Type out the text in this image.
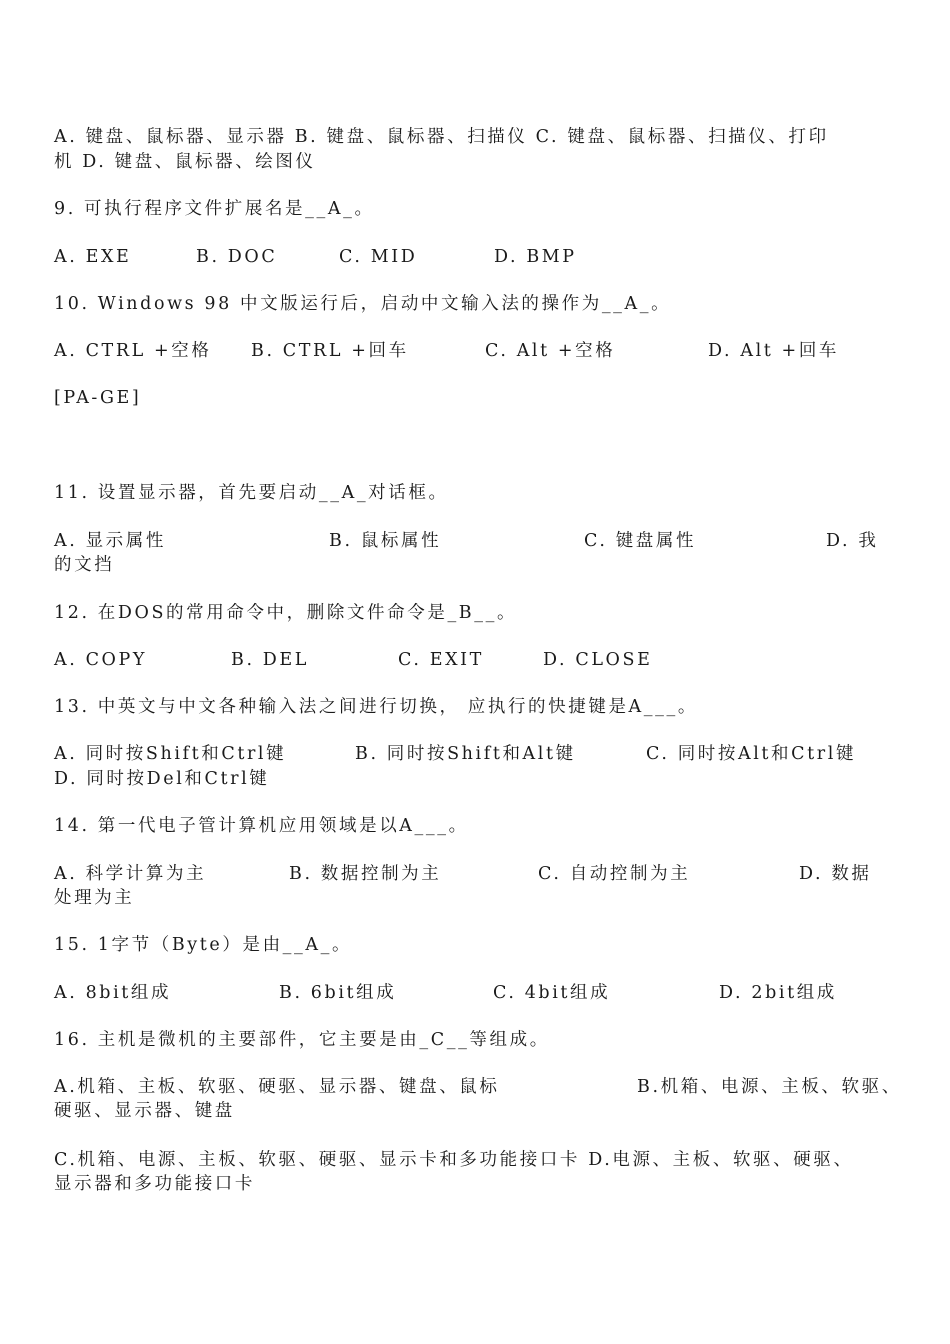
A. 键盘、鼠标器、显示器 B. 键盘、鼠标器、扫描仪 C. 键盘、鼠标器、扫描仪、打印
机 D. 键盘、鼠标器、绘图仪
9. 可执行程序文件扩展名是__A_。
A. EXE	B. DOC	C. MID	D. BMP
10. Windows 98 中文版运行后，启动中文输入法的操作为__A_。
A. CTRL +空格 B. CTRL +回车	C. Alt +空格	D. Alt +回车
[PA-GE]
11. 设置显示器，首先要启动__A_对话框。
A. 显示属性	B. 鼠标属性	C. 键盘属性	D. 我
的文挡
12. 在DOS的常用命令中，删除文件命令是_B__。
A. COPY	B. DEL	C. EXIT	D. CLOSE
13. 中英文与中文各种输入法之间进行切换， 应执行的快捷键是A___。
A. 同时按Shift和Ctrl键	B. 同时按Shift和Alt键	C. 同时按Alt和Ctrl键
D. 同时按Del和Ctrl键
14. 第一代电子管计算机应用领域是以A___。
A. 科学计算为主	B. 数据控制为主	C. 自动控制为主	D. 数据
处理为主
15. 1字节（Byte）是由__A_。
A. 8bit组成	B. 6bit组成	C. 4bit组成	D. 2bit组成
16. 主机是微机的主要部件，它主要是由_C__等组成。
A.机箱、主板、软驱、硬驱、显示器、键盘、鼠标	B.机箱、电源、主板、软驱、
硬驱、显示器、键盘
C.机箱、电源、主板、软驱、硬驱、显示卡和多功能接口卡 D.电源、主板、软驱、硬驱、
显示器和多功能接口卡
